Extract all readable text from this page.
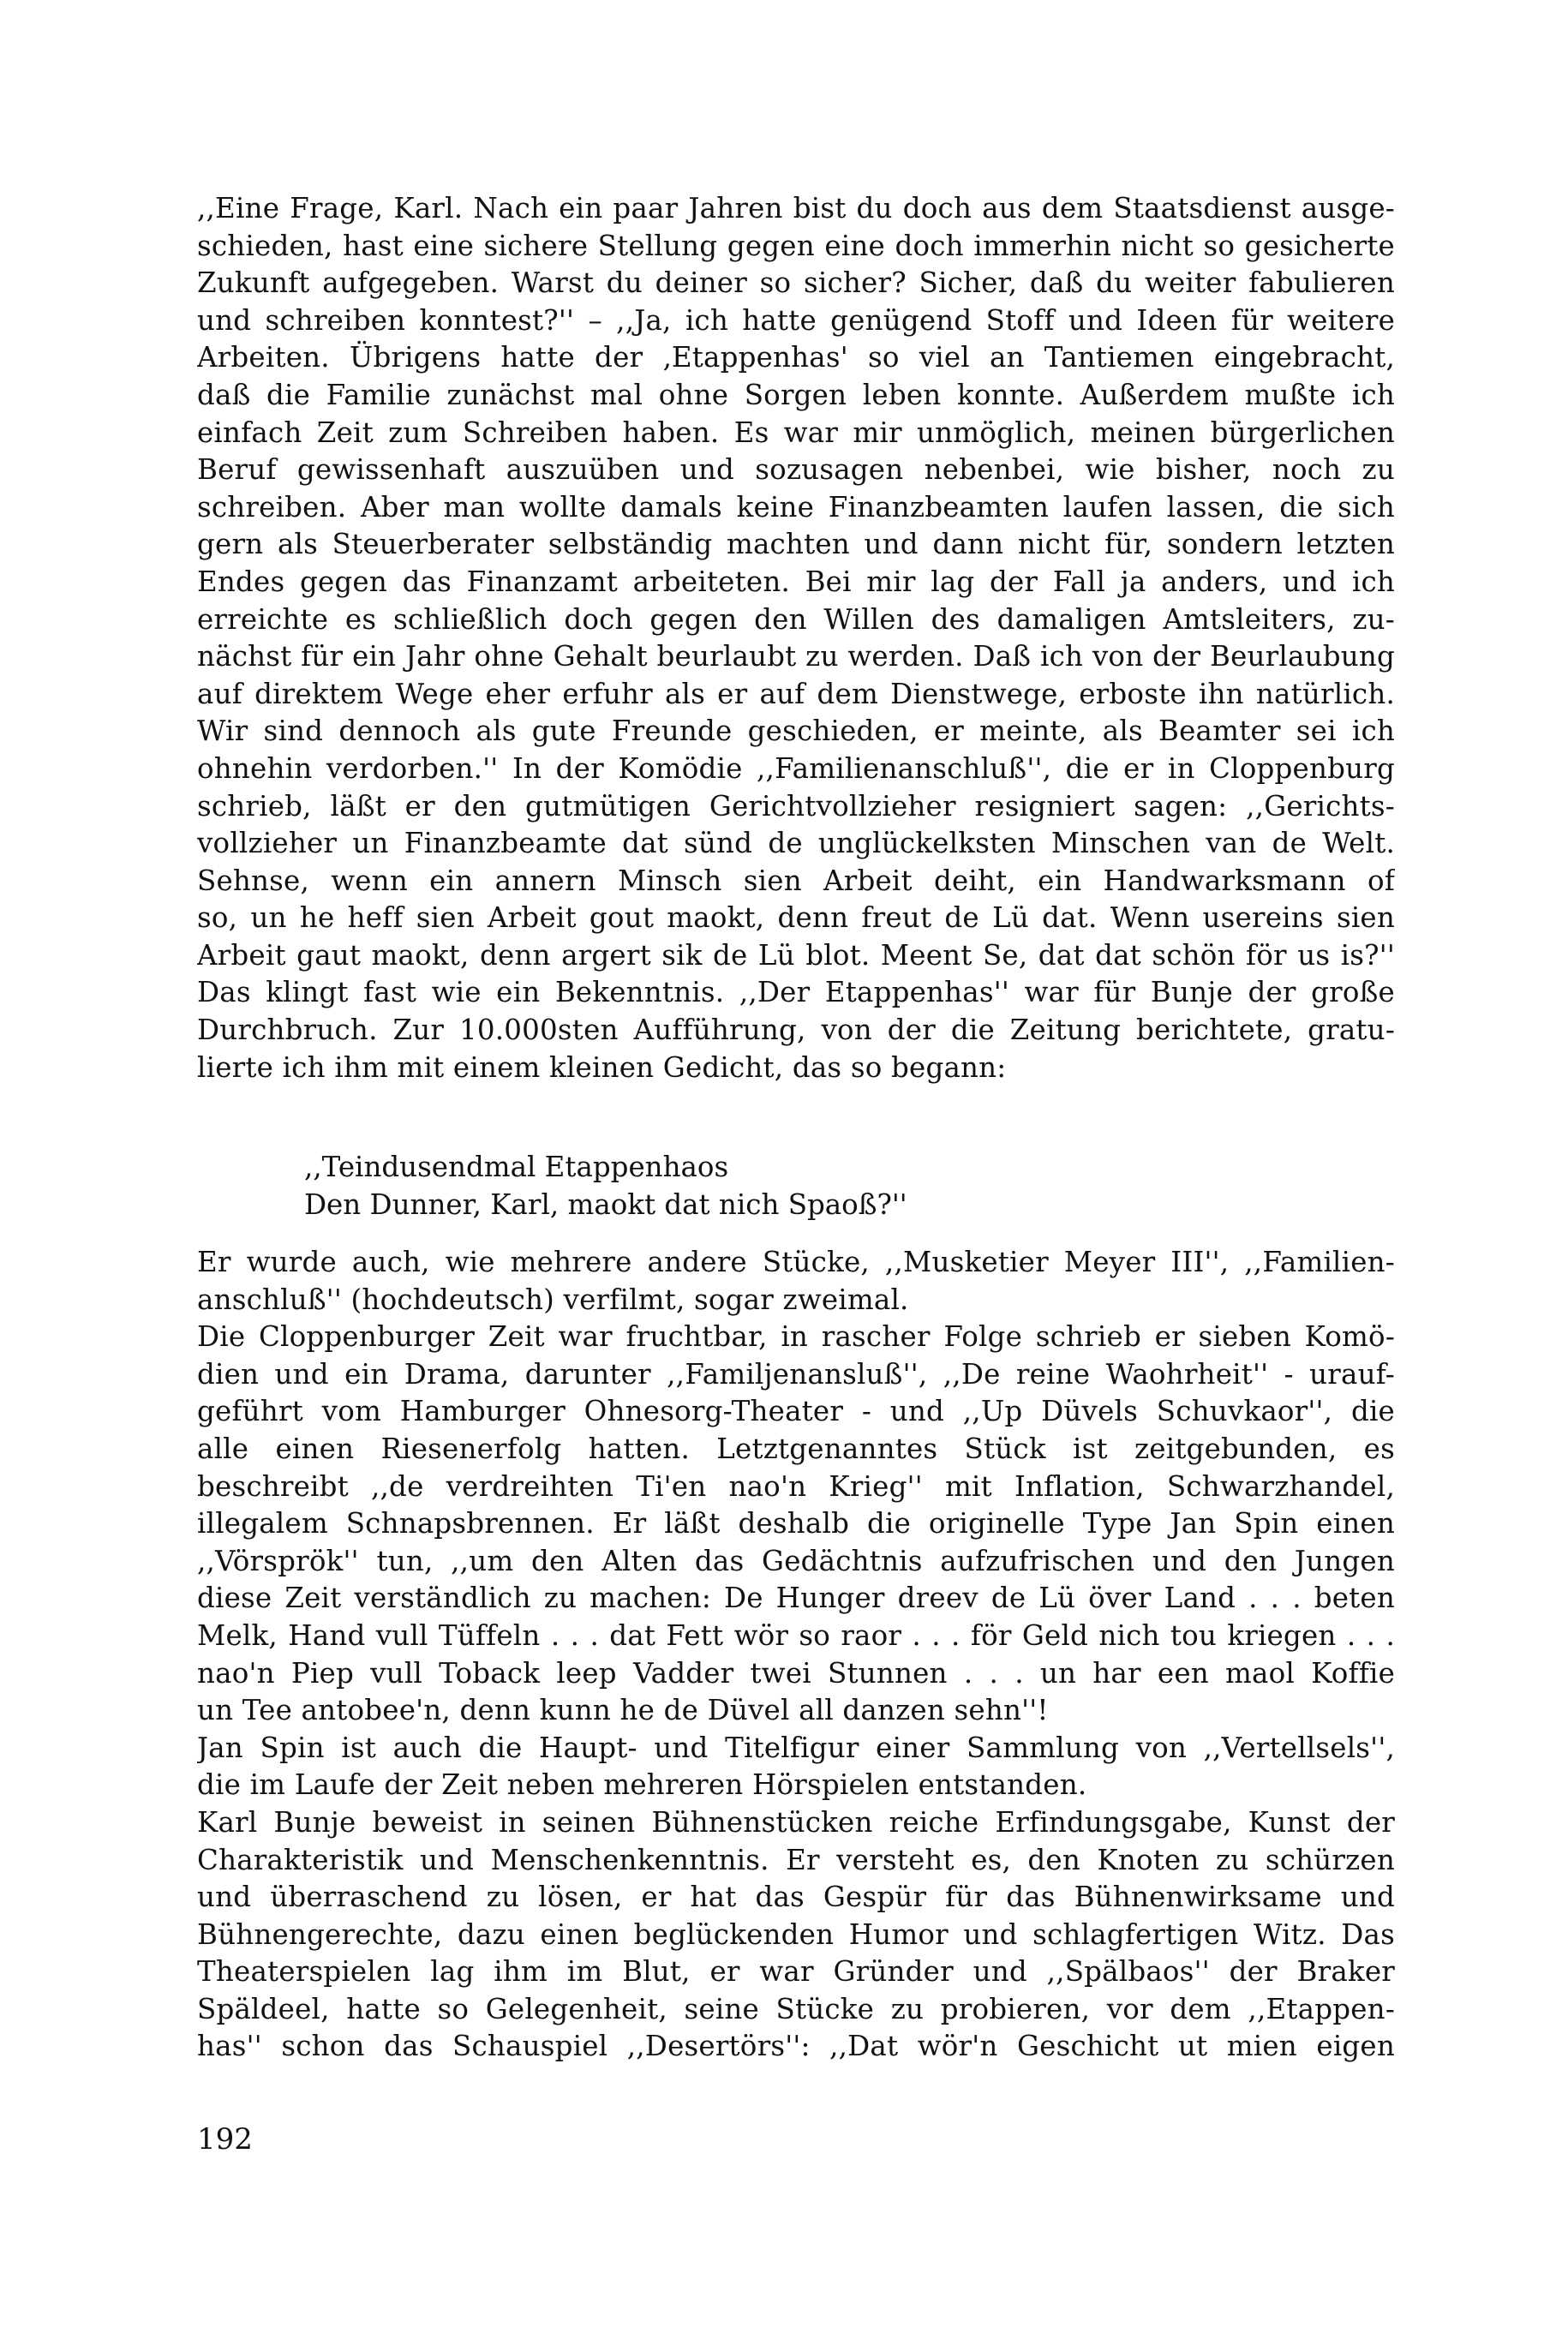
,,Eine Frage, Karl. Nach ein paar Jahren bist du doch aus dem Staatsdienst ausge-
schieden, hast eine sichere Stellung gegen eine doch immerhin nicht so gesicherte
Zukunft aufgegeben. Warst du deiner so sicher? Sicher, daß du weiter fabulieren
und schreiben konntest?'' – ,,Ja, ich hatte genügend Stoff und Ideen für weitere
Arbeiten. Übrigens hatte der ‚Etappenhas' so viel an Tantiemen eingebracht,
daß die Familie zunächst mal ohne Sorgen leben konnte. Außerdem mußte ich
einfach Zeit zum Schreiben haben. Es war mir unmöglich, meinen bürgerlichen
Beruf gewissenhaft auszuüben und sozusagen nebenbei, wie bisher, noch zu
schreiben. Aber man wollte damals keine Finanzbeamten laufen lassen, die sich
gern als Steuerberater selbständig machten und dann nicht für, sondern letzten
Endes gegen das Finanzamt arbeiteten. Bei mir lag der Fall ja anders, und ich
erreichte es schließlich doch gegen den Willen des damaligen Amtsleiters, zu-
nächst für ein Jahr ohne Gehalt beurlaubt zu werden. Daß ich von der Beurlaubung
auf direktem Wege eher erfuhr als er auf dem Dienstwege, erboste ihn natürlich.
Wir sind dennoch als gute Freunde geschieden, er meinte, als Beamter sei ich
ohnehin verdorben.'' In der Komödie ,,Familienanschluß'', die er in Cloppenburg
schrieb, läßt er den gutmütigen Gerichtvollzieher resigniert sagen: ,,Gerichts-
vollzieher un Finanzbeamte dat sünd de unglückelksten Minschen van de Welt.
Sehnse, wenn ein annern Minsch sien Arbeit deiht, ein Handwarksmann of
so, un he heff sien Arbeit gout maokt, denn freut de Lü dat. Wenn usereins sien
Arbeit gaut maokt, denn argert sik de Lü blot. Meent Se, dat dat schön för us is?''
Das klingt fast wie ein Bekenntnis. ,,Der Etappenhas'' war für Bunje der große
Durchbruch. Zur 10.000sten Aufführung, von der die Zeitung berichtete, gratu-
lierte ich ihm mit einem kleinen Gedicht, das so begann:
,,Teindusendmal Etappenhaos
Den Dunner, Karl, maokt dat nich Spaoß?''
Er wurde auch, wie mehrere andere Stücke, ,,Musketier Meyer III'', ,,Familien-
anschluß'' (hochdeutsch) verfilmt, sogar zweimal.
Die Cloppenburger Zeit war fruchtbar, in rascher Folge schrieb er sieben Komö-
dien und ein Drama, darunter ,,Familjenansluß'', ,,De reine Waohrheit'' - urauf-
geführt vom Hamburger Ohnesorg-Theater - und ,,Up Düvels Schuvkaor'', die
alle einen Riesenerfolg hatten. Letztgenanntes Stück ist zeitgebunden, es
beschreibt ,,de verdreihten Ti'en nao'n Krieg'' mit Inflation, Schwarzhandel,
illegalem Schnapsbrennen. Er läßt deshalb die originelle Type Jan Spin einen
,,Vörsprök'' tun, ,,um den Alten das Gedächtnis aufzufrischen und den Jungen
diese Zeit verständlich zu machen: De Hunger dreev de Lü över Land . . . beten
Melk, Hand vull Tüffeln . . . dat Fett wör so raor . . . för Geld nich tou kriegen . . .
nao'n Piep vull Toback leep Vadder twei Stunnen . . . un har een maol Koffie
un Tee antobee'n, denn kunn he de Düvel all danzen sehn''!
Jan Spin ist auch die Haupt- und Titelfigur einer Sammlung von ,,Vertellsels'',
die im Laufe der Zeit neben mehreren Hörspielen entstanden.
Karl Bunje beweist in seinen Bühnenstücken reiche Erfindungsgabe, Kunst der
Charakteristik und Menschenkenntnis. Er versteht es, den Knoten zu schürzen
und überraschend zu lösen, er hat das Gespür für das Bühnenwirksame und
Bühnengerechte, dazu einen beglückenden Humor und schlagfertigen Witz. Das
Theaterspielen lag ihm im Blut, er war Gründer und ,,Spälbaos'' der Braker
Späldeel, hatte so Gelegenheit, seine Stücke zu probieren, vor dem ,,Etappen-
has'' schon das Schauspiel ,,Desertörs'': ,,Dat wör'n Geschicht ut mien eigen
192
